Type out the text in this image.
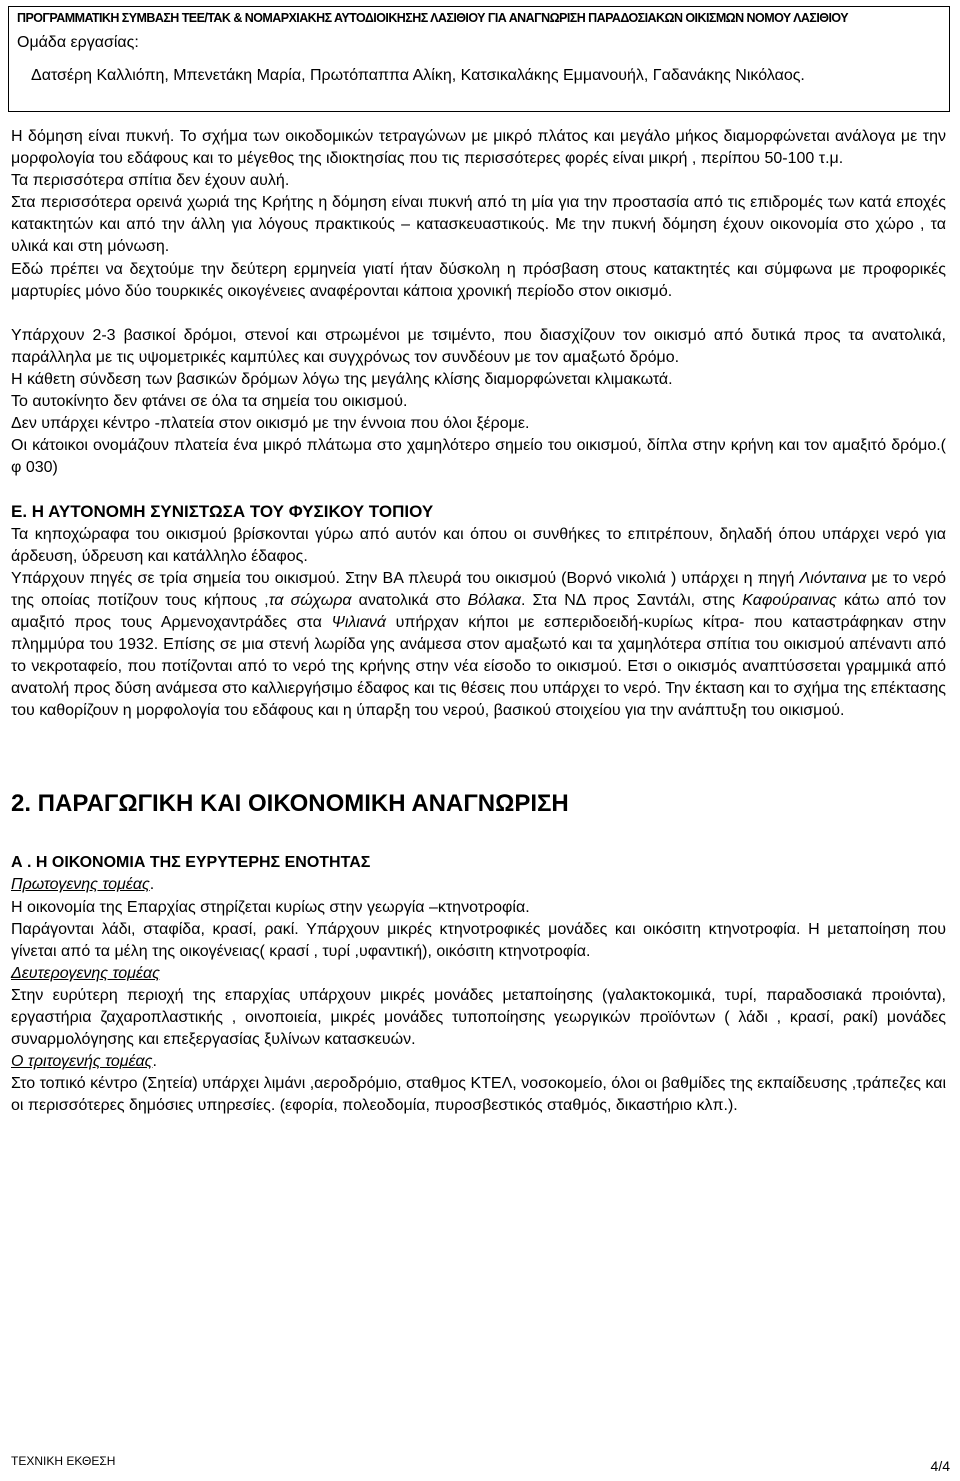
ΠΡΟΓΡΑΜΜΑΤΙΚΗ ΣΥΜΒΑΣΗ ΤΕΕ/ΤΑΚ & ΝΟΜΑΡΧΙΑΚΗΣ ΑΥΤΟΔΙΟΙΚΗΣΗΣ ΛΑΣΙΘΙΟΥ ΓΙΑ ΑΝΑΓΝΩΡΙΣΗ ΠΑΡΑΔΟΣΙΑΚΩΝ ΟΙΚΙΣΜΩΝ ΝΟΜΟΥ ΛΑΣΙΘΙΟΥ
Ομάδα εργασίας:
Δατσέρη Καλλιόπη, Μπενετάκη Μαρία, Πρωτόπαππα Αλίκη, Κατσικαλάκης Εμμανουήλ, Γαδανάκης Νικόλαος.

Η δόμηση είναι πυκνή. Το σχήμα των οικοδομικών τετραγώνων με μικρό πλάτος και μεγάλο μήκος διαμορφώνεται ανάλογα με την μορφολογία του εδάφους και το μέγεθος της ιδιοκτησίας που τις περισσότερες φορές είναι μικρή , περίπου 50-100 τ.μ.

Τα περισσότερα σπίτια δεν έχουν αυλή.

Στα περισσότερα ορεινά χωριά της Κρήτης η δόμηση είναι πυκνή από τη μία για την προστασία από τις επιδρομές των κατά εποχές κατακτητών και από την άλλη για λόγους πρακτικούς – κατασκευαστικούς. Με την πυκνή δόμηση έχουν οικονομία στο χώρο , τα υλικά και στη μόνωση.

Εδώ πρέπει να δεχτούμε την δεύτερη ερμηνεία γιατί ήταν δύσκολη η πρόσβαση στους κατακτητές και σύμφωνα με προφορικές μαρτυρίες μόνο δύο τουρκικές οικογένειες αναφέρονται κάποια χρονική περίοδο στον οικισμό.

Υπάρχουν 2-3 βασικοί δρόμοι, στενοί και στρωμένοι με τσιμέντο, που διασχίζουν τον οικισμό από δυτικά προς τα ανατολικά, παράλληλα με τις υψομετρικές καμπύλες και συγχρόνως τον συνδέουν με τον αμαξωτό δρόμο.

Η κάθετη σύνδεση των βασικών δρόμων λόγω της μεγάλης κλίσης διαμορφώνεται κλιμακωτά.

Το αυτοκίνητο δεν φτάνει σε όλα τα σημεία του οικισμού.

Δεν υπάρχει κέντρο -πλατεία στον οικισμό με την έννοια που όλοι ξέρομε.

Οι κάτοικοι ονομάζουν πλατεία ένα μικρό πλάτωμα στο χαμηλότερο σημείο του οικισμού, δίπλα στην κρήνη και τον αμαξιτό δρόμο.( φ 030)

Ε. Η ΑΥΤΟΝΟΜΗ ΣΥΝΙΣΤΩΣΑ ΤΟΥ ΦΥΣΙΚΟΥ ΤΟΠΙΟΥ

Τα κηποχώραφα του οικισμού βρίσκονται γύρω από αυτόν και όπου οι συνθήκες το επιτρέπουν, δηλαδή όπου υπάρχει νερό για άρδευση, ύδρευση και κατάλληλο έδαφος.

Υπάρχουν πηγές σε τρία σημεία του οικισμού. Στην ΒΑ πλευρά του οικισμού (Βορνό νικολιά ) υπάρχει η πηγή Λιόνταινα με το νερό της οποίας ποτίζουν τους κήπους ,τα σώχωρα ανατολικά στο Βόλακα. Στα ΝΔ προς Σαντάλι, στης Καφούραινας κάτω από τον αμαξιτό προς τους Αρμενοχαντράδες στα Ψιλιανά υπήρχαν κήποι με εσπεριδοειδή-κυρίως κίτρα- που καταστράφηκαν στην πλημμύρα του 1932. Επίσης σε μια στενή λωρίδα γης ανάμεσα στον αμαξωτό και τα χαμηλότερα σπίτια του οικισμού απέναντι από το νεκροταφείο, που ποτίζονται από το νερό της κρήνης στην νέα είσοδο το οικισμού. Ετσι ο οικισμός αναπτύσσεται γραμμικά από ανατολή προς δύση ανάμεσα στο καλλιεργήσιμο έδαφος και τις θέσεις που υπάρχει το νερό. Την έκταση και το σχήμα της επέκτασης του καθορίζουν η μορφολογία του εδάφους και η ύπαρξη του νερού, βασικού στοιχείου για την ανάπτυξη του οικισμού.

2. ΠΑΡΑΓΩΓΙΚΗ ΚΑΙ ΟΙΚΟΝΟΜΙΚΗ ΑΝΑΓΝΩΡΙΣΗ

Α . Η ΟΙΚΟΝΟΜΙΑ ΤΗΣ ΕΥΡΥΤΕΡΗΣ ΕΝΟΤΗΤΑΣ

Πρωτογενης τομέας.

Η οικονομία της Επαρχίας στηρίζεται κυρίως στην γεωργία –κτηνοτροφία.

Παράγονται λάδι, σταφίδα, κρασί, ρακί. Υπάρχουν μικρές κτηνοτροφικές μονάδες και οικόσιτη κτηνοτροφία. Η μεταποίηση που γίνεται από τα μέλη της οικογένειας( κρασί , τυρί ,υφαντική), οικόσιτη κτηνοτροφία.

Δευτερογενης τομέας

Στην ευρύτερη περιοχή της επαρχίας υπάρχουν μικρές μονάδες μεταποίησης (γαλακτοκομικά, τυρί, παραδοσιακά προιόντα), εργαστήρια ζαχαροπλαστικής , οινοποιεία, μικρές μονάδες τυποποίησης γεωργικών προϊόντων ( λάδι , κρασί, ρακί) μονάδες συναρμολόγησης και επεξεργασίας ξυλίνων κατασκευών.

Ο τριτογενής τομέας.

Στο τοπικό κέντρο (Σητεία) υπάρχει λιμάνι ,αεροδρόμιο, σταθμος ΚΤΕΛ, νοσοκομείο, όλοι οι βαθμίδες της εκπαίδευσης ,τράπεζες και οι περισσότερες δημόσιες υπηρεσίες. (εφορία, πολεοδομία, πυροσβεστικός σταθμός, δικαστήριο κλπ.).

ΤΕΧΝΙΚΗ ΕΚΘΕΣΗ	4/4
